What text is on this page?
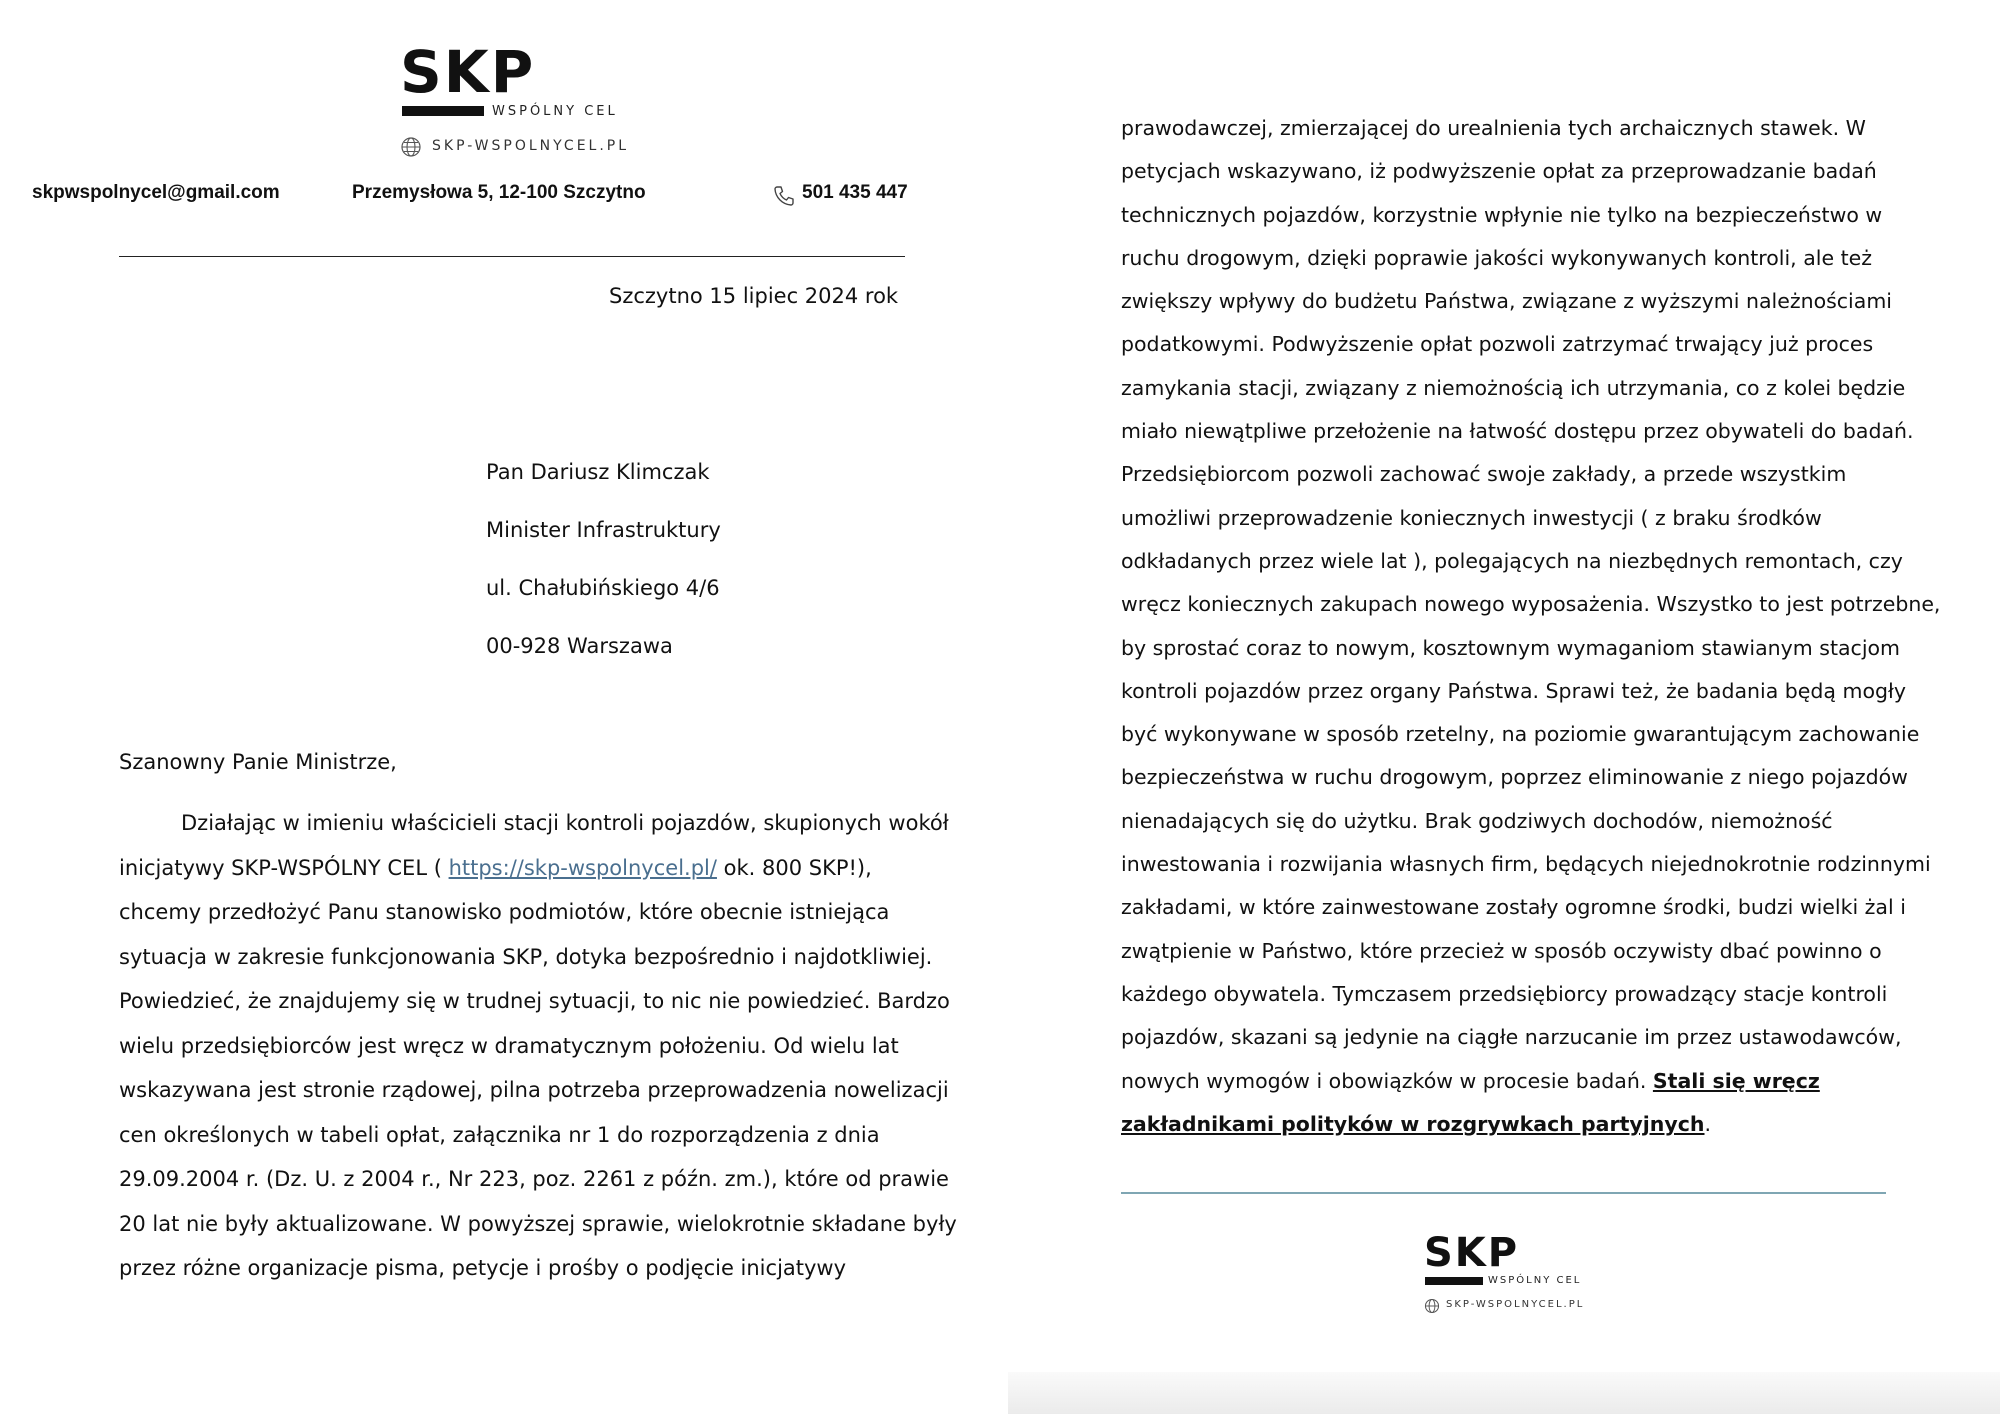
SKP
WSPÓLNY CEL
SKP-WSPOLNYCEL.PL
skpwspolnycel@gmail.com	Przemysłowa 5, 12-100 Szczytno	501 435 447
Szczytno 15 lipiec 2024 rok
Pan Dariusz Klimczak
Minister Infrastruktury
ul. Chałubińskiego 4/6
00-928 Warszawa
Szanowny Panie Ministrze,
Działając w imieniu właścicieli stacji kontroli pojazdów, skupionych wokół
inicjatywy SKP-WSPÓLNY CEL ( https://skp-wspolnycel.pl/ ok. 800 SKP!),
chcemy przedłożyć Panu stanowisko podmiotów, które obecnie istniejąca
sytuacja w zakresie funkcjonowania SKP, dotyka bezpośrednio i najdotkliwiej.
Powiedzieć, że znajdujemy się w trudnej sytuacji, to nic nie powiedzieć. Bardzo
wielu przedsiębiorców jest wręcz w dramatycznym położeniu. Od wielu lat
wskazywana jest stronie rządowej, pilna potrzeba przeprowadzenia nowelizacji
cen określonych w tabeli opłat, załącznika nr 1 do rozporządzenia z dnia
29.09.2004 r. (Dz. U. z 2004 r., Nr 223, poz. 2261 z późn. zm.), które od prawie
20 lat nie były aktualizowane. W powyższej sprawie, wielokrotnie składane były
przez różne organizacje pisma, petycje i prośby o podjęcie inicjatywy
prawodawczej, zmierzającej do urealnienia tych archaicznych stawek. W
petycjach wskazywano, iż podwyższenie opłat za przeprowadzanie badań
technicznych pojazdów, korzystnie wpłynie nie tylko na bezpieczeństwo w
ruchu drogowym, dzięki poprawie jakości wykonywanych kontroli, ale też
zwiększy wpływy do budżetu Państwa, związane z wyższymi należnościami
podatkowymi. Podwyższenie opłat pozwoli zatrzymać trwający już proces
zamykania stacji, związany z niemożnością ich utrzymania, co z kolei będzie
miało niewątpliwe przełożenie na łatwość dostępu przez obywateli do badań.
Przedsiębiorcom pozwoli zachować swoje zakłady, a przede wszystkim
umożliwi przeprowadzenie koniecznych inwestycji ( z braku środków
odkładanych przez wiele lat ), polegających na niezbędnych remontach, czy
wręcz koniecznych zakupach nowego wyposażenia. Wszystko to jest potrzebne,
by sprostać coraz to nowym, kosztownym wymaganiom stawianym stacjom
kontroli pojazdów przez organy Państwa. Sprawi też, że badania będą mogły
być wykonywane w sposób rzetelny, na poziomie gwarantującym zachowanie
bezpieczeństwa w ruchu drogowym, poprzez eliminowanie z niego pojazdów
nienadających się do użytku. Brak godziwych dochodów, niemożność
inwestowania i rozwijania własnych firm, będących niejednokrotnie rodzinnymi
zakładami, w które zainwestowane zostały ogromne środki, budzi wielki żal i
zwątpienie w Państwo, które przecież w sposób oczywisty dbać powinno o
każdego obywatela. Tymczasem przedsiębiorcy prowadzący stacje kontroli
pojazdów, skazani są jedynie na ciągłe narzucanie im przez ustawodawców,
nowych wymogów i obowiązków w procesie badań. Stali się wręcz
zakładnikami polityków w rozgrywkach partyjnych.
SKP
WSPÓLNY CEL
SKP-WSPOLNYCEL.PL
